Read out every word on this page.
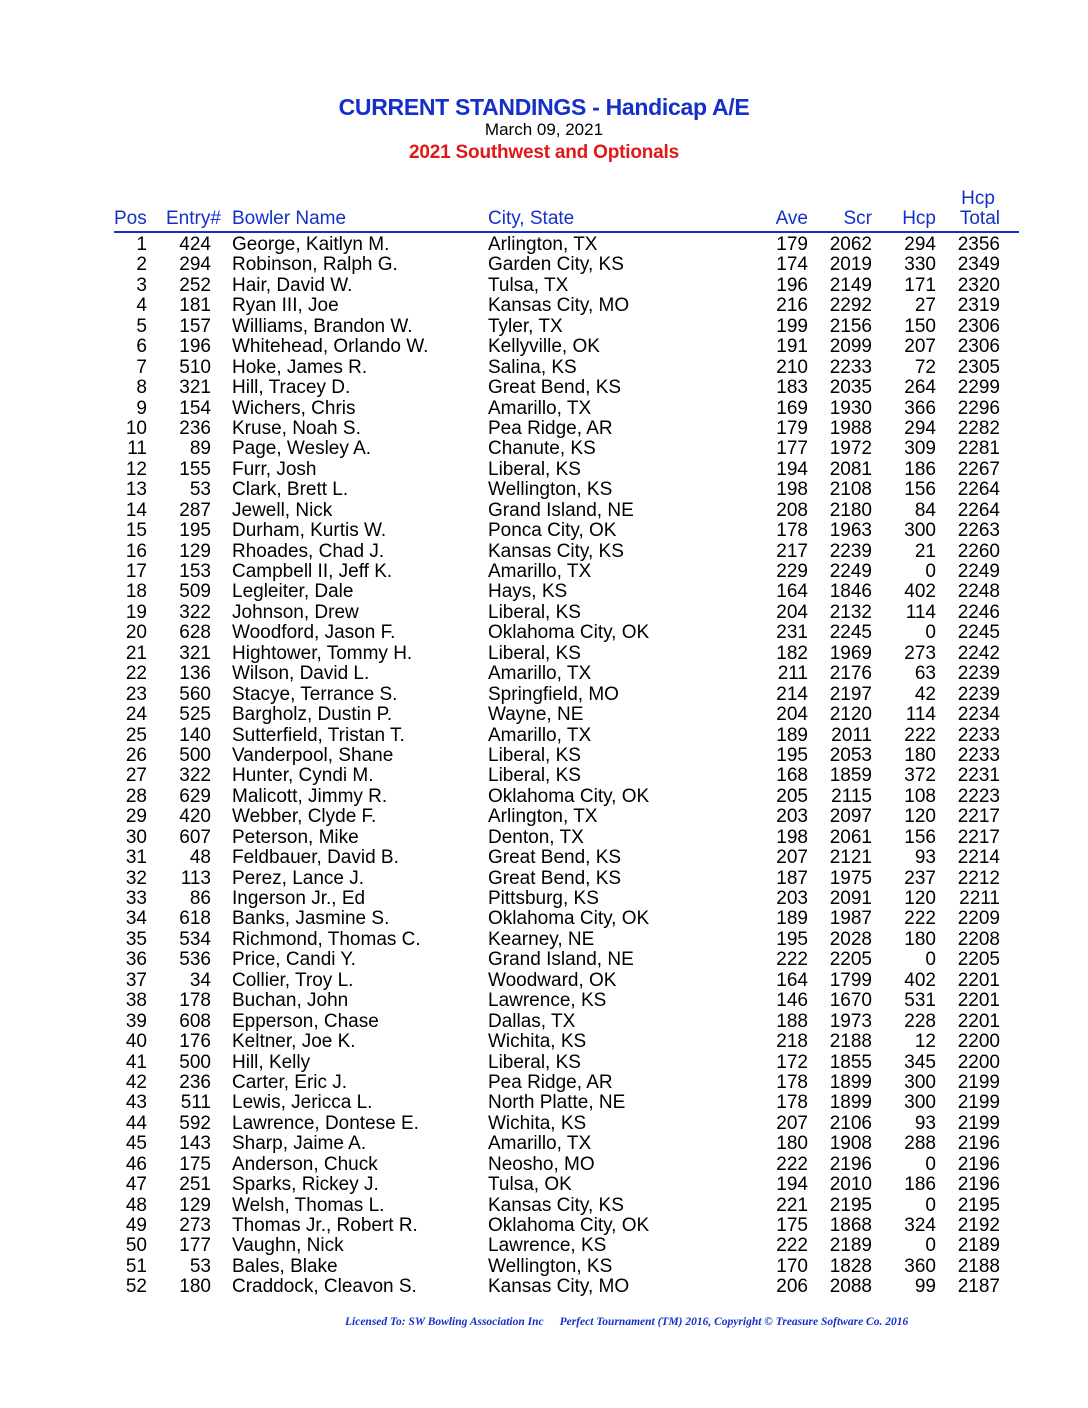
CURRENT STANDINGS - Handicap A/E
March 09, 2021
2021 Southwest and Optionals
Pos Entry# Bowler Name	City, State	Ave Scr Hcp
Hcp
Total
1 424 George, Kaitlyn M.	Arlington, TX	179 2062 294 2356
2 294 Robinson, Ralph G.	Garden City, KS	174 2019 330 2349
3 252 Hair, David W.	Tulsa, TX	196 2149 171 2320
4 181 Ryan III, Joe	Kansas City, MO	216 2292 27 2319
5 157 Williams, Brandon W.	Tyler, TX	199 2156 150 2306
6 196 Whitehead, Orlando W.	Kellyville, OK	191 2099 207 2306
7 510 Hoke, James R.	Salina, KS	210 2233 72 2305
8 321 Hill, Tracey D.	Great Bend, KS	183 2035 264 2299
9 154 Wichers, Chris	Amarillo, TX	169 1930 366 2296
10 236 Kruse, Noah S.	Pea Ridge, AR	179 1988 294 2282
11 89 Page, Wesley A.	Chanute, KS	177 1972 309 2281
12 155 Furr, Josh	Liberal, KS	194 2081 186 2267
13 53 Clark, Brett L.	Wellington, KS	198 2108 156 2264
14 287 Jewell, Nick	Grand Island, NE	208 2180 84 2264
15 195 Durham, Kurtis W.	Ponca City, OK	178 1963 300 2263
16 129 Rhoades, Chad J.	Kansas City, KS	217 2239 21 2260
17 153 Campbell II, Jeff K.	Amarillo, TX	229 2249	0 2249
18 509 Legleiter, Dale	Hays, KS	164 1846 402 2248
19 322 Johnson, Drew	Liberal, KS	204 2132 114 2246
20 628 Woodford, Jason F.	Oklahoma City, OK	231 2245	0 2245
21 321 Hightower, Tommy H.	Liberal, KS	182 1969 273 2242
22 136 Wilson, David L.	Amarillo, TX	211 2176 63 2239
23 560 Stacye, Terrance S.	Springfield, MO	214 2197 42 2239
24 525 Bargholz, Dustin P.	Wayne, NE	204 2120 114 2234
25 140 Sutterfield, Tristan T.	Amarillo, TX	189 2011 222 2233
26 500 Vanderpool, Shane	Liberal, KS	195 2053 180 2233
27 322 Hunter, Cyndi M.	Liberal, KS	168 1859 372 2231
28 629 Malicott, Jimmy R.	Oklahoma City, OK	205 2115 108 2223
29 420 Webber, Clyde F.	Arlington, TX	203 2097 120 2217
30 607 Peterson, Mike	Denton, TX	198 2061 156 2217
31 48 Feldbauer, David B.	Great Bend, KS	207 2121 93 2214
32 113 Perez, Lance J.	Great Bend, KS	187 1975 237 2212
33 86 Ingerson Jr., Ed	Pittsburg, KS	203 2091 120 2211
34 618 Banks, Jasmine S.	Oklahoma City, OK	189 1987 222 2209
35 534 Richmond, Thomas C.	Kearney, NE	195 2028 180 2208
36 536 Price, Candi Y.	Grand Island, NE	222 2205	0 2205
37 34 Collier, Troy L.	Woodward, OK	164 1799 402 2201
38 178 Buchan, John	Lawrence, KS	146 1670 531 2201
39 608 Epperson, Chase	Dallas, TX	188 1973 228 2201
40 176 Keltner, Joe K.	Wichita, KS	218 2188 12 2200
41 500 Hill, Kelly	Liberal, KS	172 1855 345 2200
42 236 Carter, Eric J.	Pea Ridge, AR	178 1899 300 2199
43 511 Lewis, Jericca L.	North Platte, NE	178 1899 300 2199
44 592 Lawrence, Dontese E.	Wichita, KS	207 2106 93 2199
45 143 Sharp, Jaime A.	Amarillo, TX	180 1908 288 2196
46 175 Anderson, Chuck	Neosho, MO	222 2196	0 2196
47 251 Sparks, Rickey J.	Tulsa, OK	194 2010 186 2196
48 129 Welsh, Thomas L.	Kansas City, KS	221 2195	0 2195
49 273 Thomas Jr., Robert R.	Oklahoma City, OK	175 1868 324 2192
50 177 Vaughn, Nick	Lawrence, KS	222 2189	0 2189
51 53 Bales, Blake	Wellington, KS	170 1828 360 2188
52 180 Craddock, Cleavon S.	Kansas City, MO	206 2088 99 2187
Licensed To: SW Bowling Association Inc Perfect Tournament (TM) 2016, Copyright © Treasure Software Co. 2016
